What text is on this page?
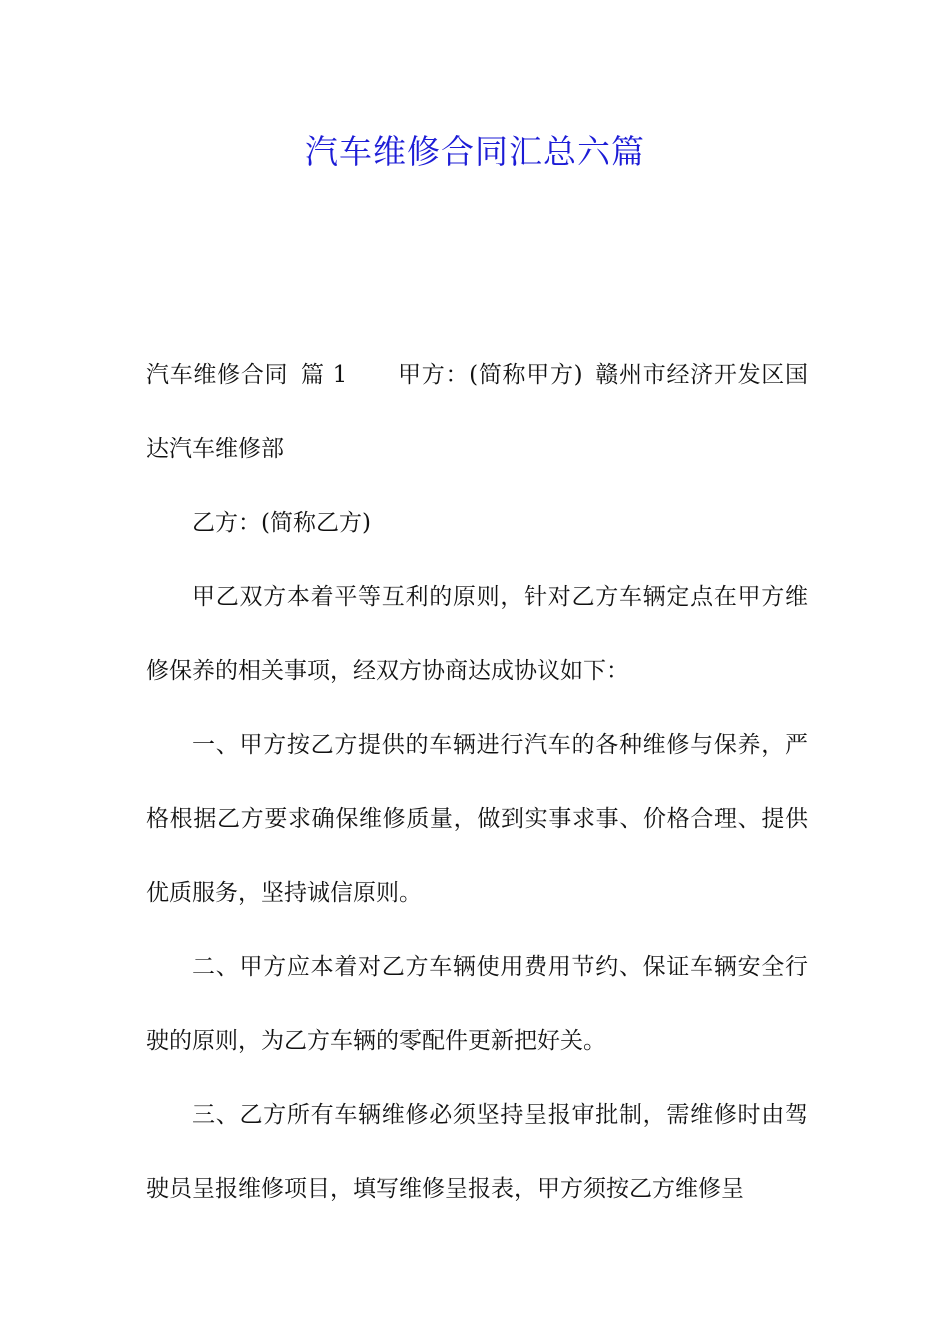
汽车维修合同汇总六篇

汽车维修合同 篇 1 甲方：(简称甲方) 赣州市经济开发区国达汽车维修部

乙方：(简称乙方)

甲乙双方本着平等互利的原则，针对乙方车辆定点在甲方维修保养的相关事项，经双方协商达成协议如下：

一、甲方按乙方提供的车辆进行汽车的各种维修与保养，严格根据乙方要求确保维修质量，做到实事求事、价格合理、提供优质服务，坚持诚信原则。

二、甲方应本着对乙方车辆使用费用节约、保证车辆安全行驶的原则，为乙方车辆的零配件更新把好关。

三、乙方所有车辆维修必须坚持呈报审批制，需维修时由驾驶员呈报维修项目，填写维修呈报表，甲方须按乙方维修呈
